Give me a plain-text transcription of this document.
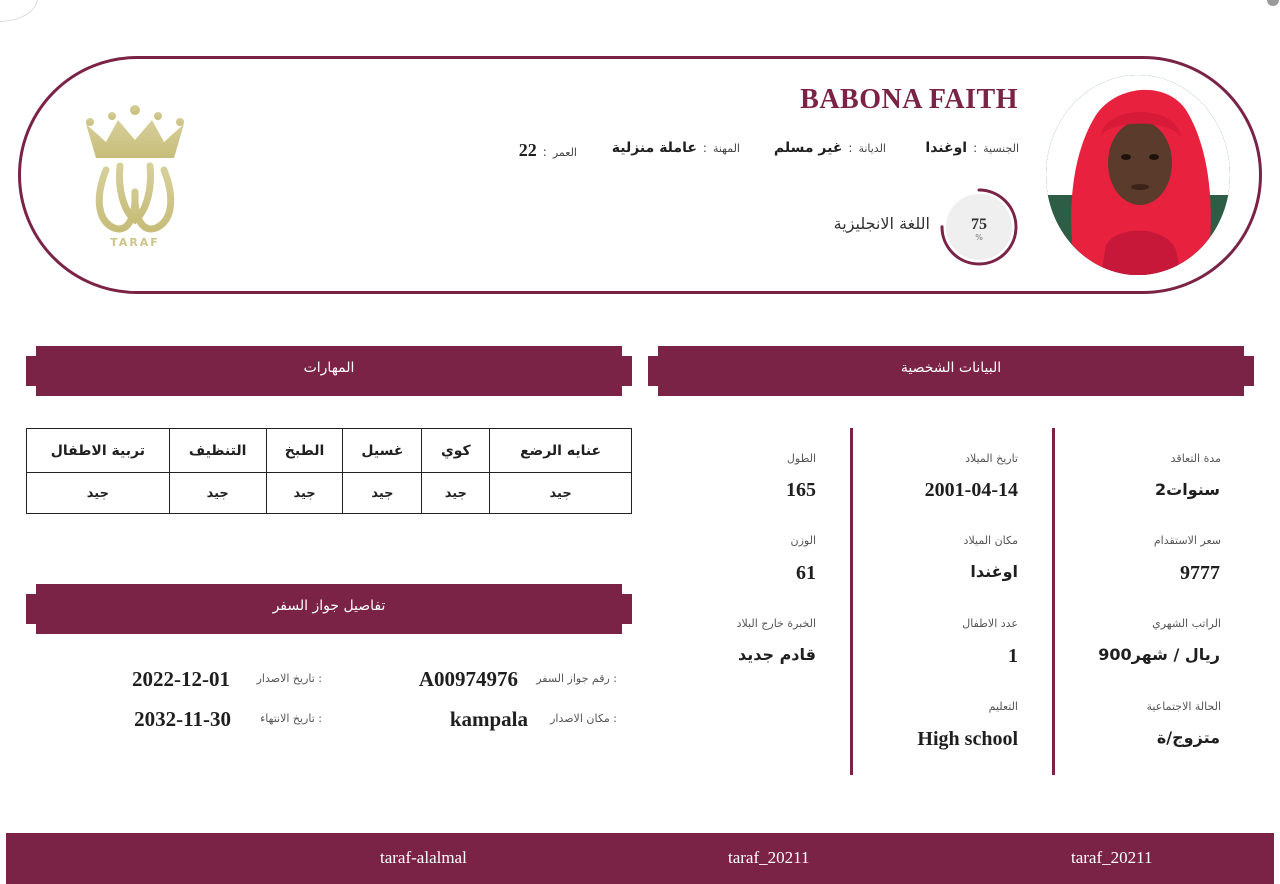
BABONA FAITH
الجنسية
:
اوغندا
الديانة
:
غير مسلم
المهنة
:
عاملة منزلية
العمر
:
22
75
%
اللغة الانجليزية
TARAF
المهارات	البيانات الشخصية
تفاصيل جواز السفر
تربية الاطفال	التنظيف	الطبخ	غسيل	كوي	عنايه الرضع
جيد	جيد	جيد	جيد	جيد	جيد
رقم جواز السفر :
A00974976
تاريخ الاصدار :
2022-12-01
مكان الاصدار :
kampala
تاريخ الانتهاء :
2032-11-30
مدة التعاقد
2سنوات
سعر الاستقدام
9777
الراتب الشهري
900ريال / شهر
الحالة الاجتماعية
متزوج/ة
تاريخ الميلاد
2001-04-14
مكان الميلاد
اوغندا
عدد الاطفال
1
التعليم
High school
الطول
165
الوزن
61
الخبرة خارج البلاد
قادم جديد
taraf-alalmal	taraf_20211	taraf_20211
